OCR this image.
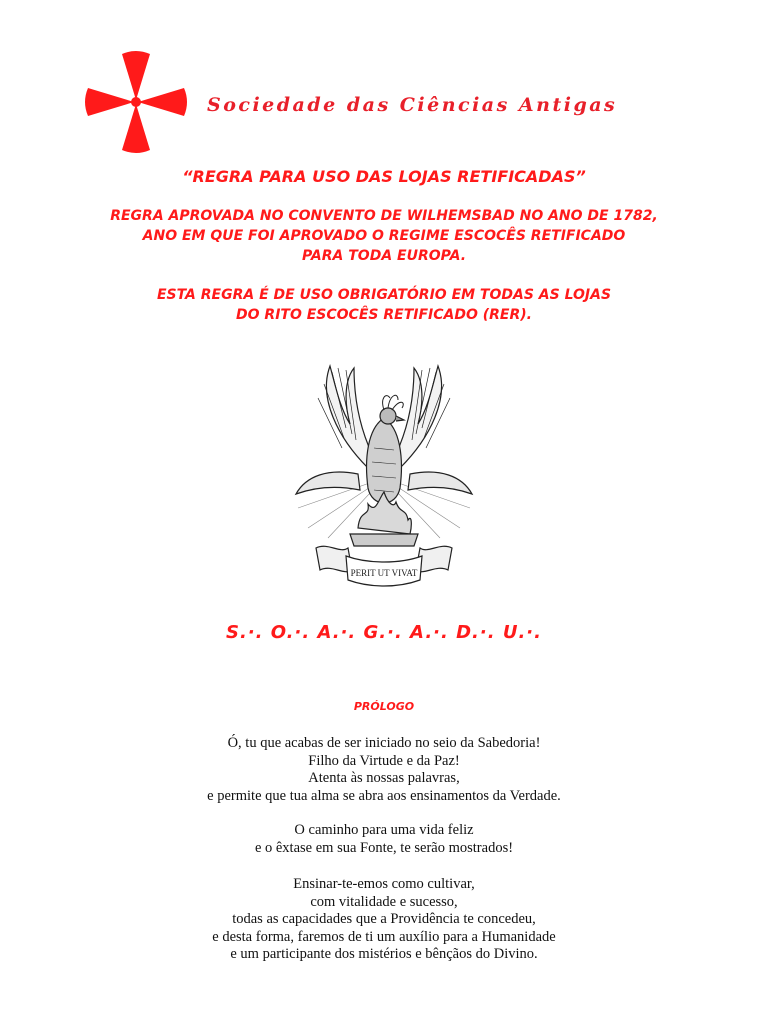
Sociedade das Ciências Antigas
“REGRA PARA USO DAS LOJAS RETIFICADAS”
REGRA APROVADA NO CONVENTO DE WILHEMSBAD NO ANO DE 1782,
ANO EM QUE FOI APROVADO O REGIME ESCOCÊS RETIFICADO
PARA TODA EUROPA.
ESTA REGRA É DE USO OBRIGATÓRIO EM TODAS AS LOJAS
DO RITO ESCOCÊS RETIFICADO (RER).
PERIT UT VIVAT
S.·. O.·. A.·. G.·. A.·. D.·. U.·.
PRÓLOGO
Ó, tu que acabas de ser iniciado no seio da Sabedoria!
Filho da Virtude e da Paz!
Atenta às nossas palavras,
e permite que tua alma se abra aos ensinamentos da Verdade.
O caminho para uma vida feliz
e o êxtase em sua Fonte, te serão mostrados!
Ensinar-te-emos como cultivar,
com vitalidade e sucesso,
todas as capacidades que a Providência te concedeu,
e desta forma, faremos de ti um auxílio para a Humanidade
e um participante dos mistérios e bênçãos do Divino.
